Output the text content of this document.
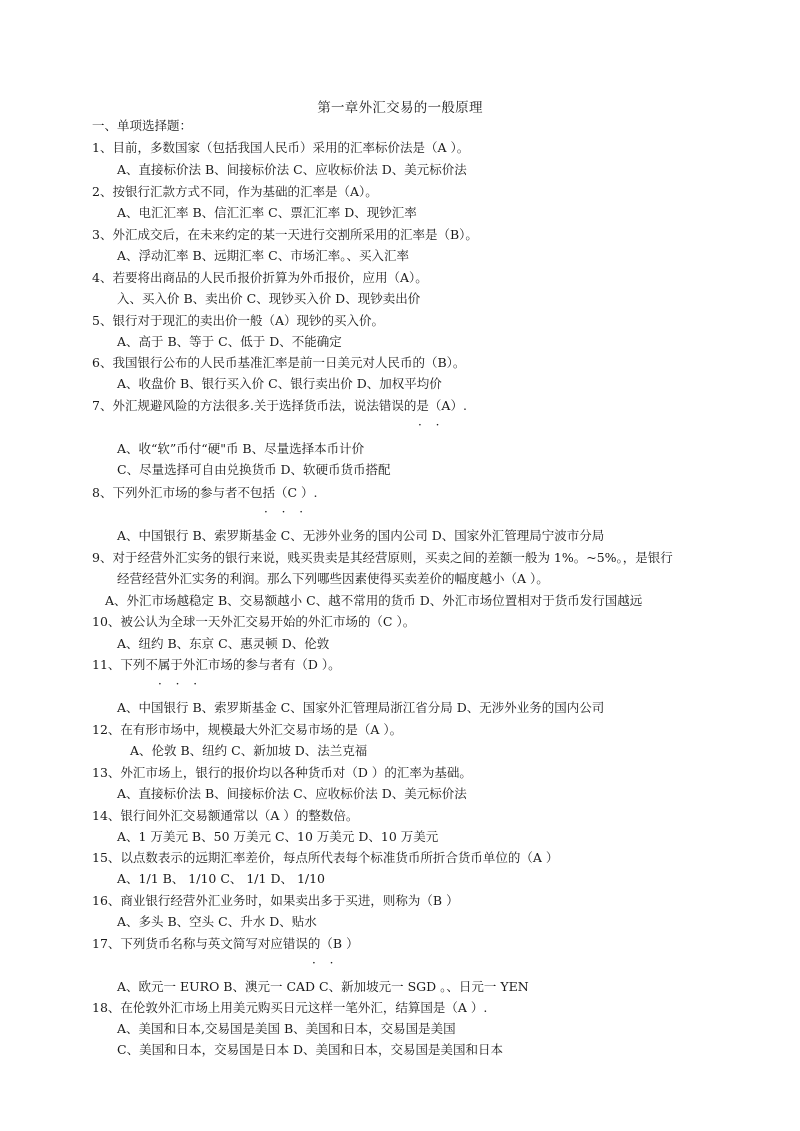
第一章外汇交易的一般原理
一、单项选择题：
1、目前，多数国家（包括我国人民币）采用的汇率标价法是（A ）。
A、直接标价法 B、间接标价法 C、应收标价法 D、美元标价法
2、按银行汇款方式不同，作为基础的汇率是（A）。
A、电汇汇率 B、信汇汇率 C、票汇汇率 D、现钞汇率
3、外汇成交后，在未来约定的某一天进行交割所采用的汇率是（B）。
A、浮动汇率 B、远期汇率 C、市场汇率。、买入汇率
4、若要将出商品的人民币报价折算为外币报价，应用（A）。
入、买入价 B、卖出价 C、现钞买入价 D、现钞卖出价
5、银行对于现汇的卖出价一般（A）现钞的买入价。
A、高于 B、等于 C、低于 D、不能确定
6、我国银行公布的人民币基准汇率是前一日美元对人民币的（B）。
A、收盘价 B、银行买入价 C、银行卖出价 D、加权平均价
7、外汇规避风险的方法很多.关于选择货币法，说法错误的是（A）.
· ·
A、收“软”币付“硬"币 B、尽量选择本币计价
C、尽量选择可自由兑换货币 D、软硬币货币搭配
8、下列外汇市场的参与者不包括（C ）.
· · ·
A、中国银行 B、索罗斯基金 C、无涉外业务的国内公司 D、国家外汇管理局宁波市分局
9、对于经营外汇实务的银行来说，贱买贵卖是其经营原则，买卖之间的差额一般为 1%。~5%。，是银行
经营经营外汇实务的利润。那么下列哪些因素使得买卖差价的幅度越小（A ）。
A、外汇市场越稳定 B、交易额越小 C、越不常用的货币 D、外汇市场位置相对于货币发行国越远
10、被公认为全球一天外汇交易开始的外汇市场的（C ）。
A、纽约 B、东京 C、惠灵顿 D、伦敦
11、下列不属于外汇市场的参与者有（D ）。
· · ·
A、中国银行 B、索罗斯基金 C、国家外汇管理局浙江省分局 D、无涉外业务的国内公司
12、在有形市场中，规模最大外汇交易市场的是（A ）。
A、伦敦 B、纽约 C、新加坡 D、法兰克福
13、外汇市场上，银行的报价均以各种货币对（D ）的汇率为基础。
A、直接标价法 B、间接标价法 C、应收标价法 D、美元标价法
14、银行间外汇交易额通常以（A ）的整数倍。
A、1 万美元 B、50 万美元 C、10 万美元 D、10 万美元
15、以点数表示的远期汇率差价，每点所代表每个标准货币所折合货币单位的（A ）
A、1/1 B、 1/10 C、 1/1 D、 1/10
16、商业银行经营外汇业务时，如果卖出多于买进，则称为（B ）
A、多头 B、空头 C、升水 D、贴水
17、下列货币名称与英文简写对应错误的（B ）
· ·
A、欧元一 EURO B、澳元一 CAD C、新加坡元一 SGD 。、日元一 YEN
18、在伦敦外汇市场上用美元购买日元这样一笔外汇，结算国是（A ）.
A、美国和日本,交易国是美国 B、美国和日本，交易国是美国
C、美国和日本，交易国是日本 D、美国和日本，交易国是美国和日本
